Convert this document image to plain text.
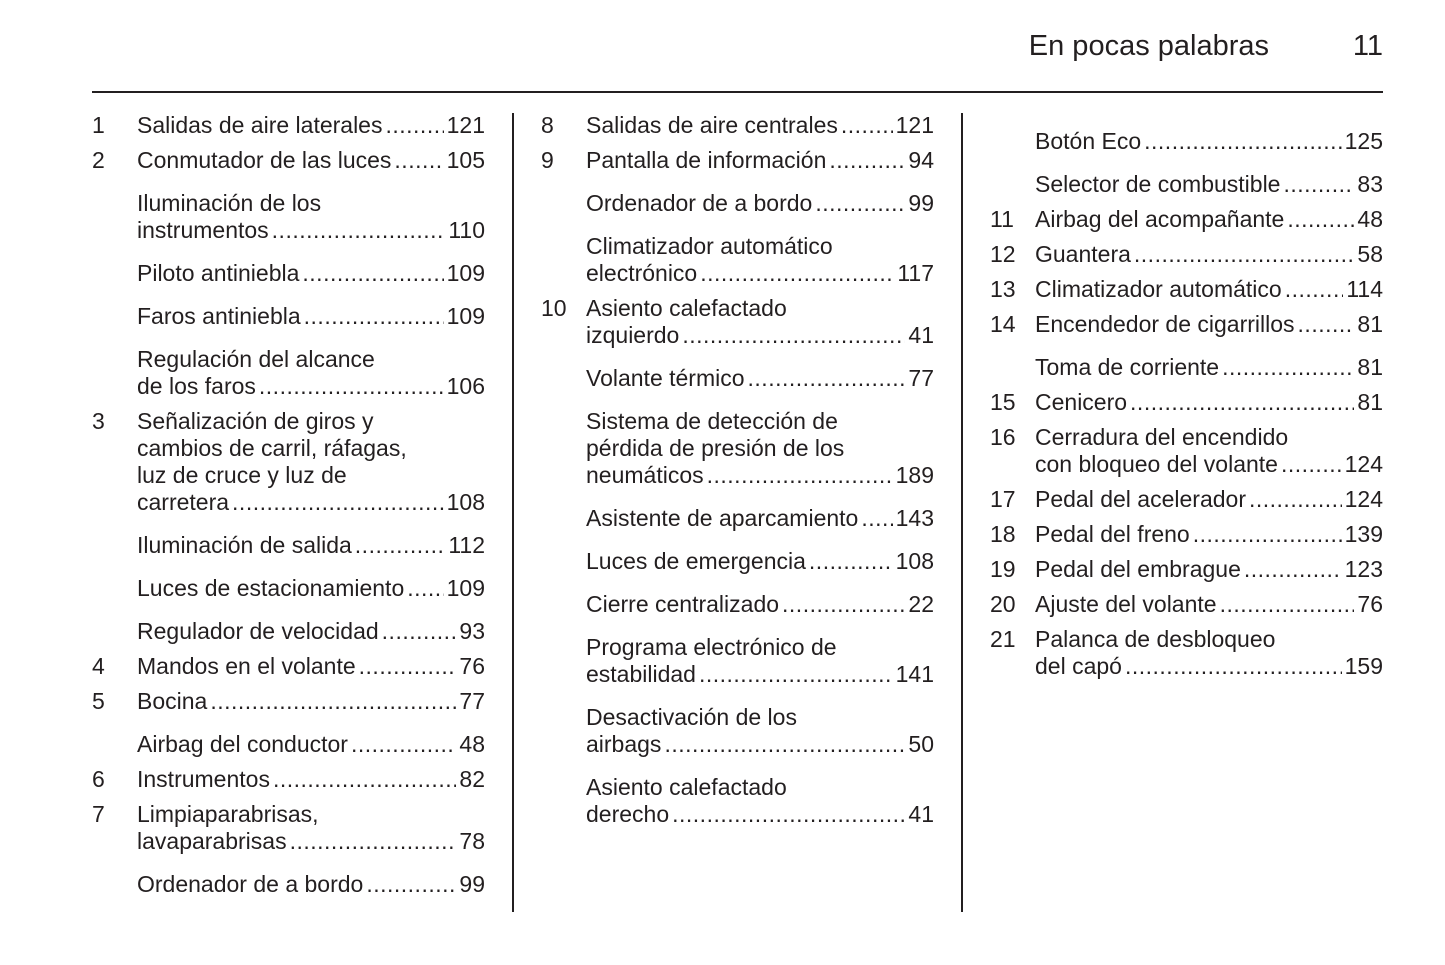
En pocas palabras	11
1	Salidas de aire laterales .....	121
2	Conmutador de las luces ..... 105
Iluminación de los
instrumentos .....	110
Piloto antiniebla .....	109
Faros antiniebla .....	109
Regulación del alcance
de los faros .....	106
3	Señalización de giros y
cambios de carril, ráfagas,
luz de cruce y luz de
carretera .....	108
Iluminación de salida .....	112
Luces de estacionamiento ..... 109
Regulador de velocidad .....	93
4	Mandos en el volante .....	76
5	Bocina .....	77
Airbag del conductor .....	48
6	Instrumentos .....	82
7	Limpiaparabrisas,
lavaparabrisas .....	78
Ordenador de a bordo .....	99
8	Salidas de aire centrales .....	121
9	Pantalla de información .....	94
Ordenador de a bordo .....	99
Climatizador automático
electrónico .....	117
10 Asiento calefactado
izquierdo .....	41
Volante térmico .....	77
Sistema de detección de
pérdida de presión de los
neumáticos .....	189
Asistente de aparcamiento ..... 143
Luces de emergencia .....	108
Cierre centralizado .....	22
Programa electrónico de
estabilidad .....	141
Desactivación de los
airbags .....	50
Asiento calefactado
derecho .....	41
Botón Eco .....	125
Selector de combustible .....	83
11 Airbag del acompañante .....	48
12 Guantera .....	58
13 Climatizador automático .....	114
14 Encendedor de cigarrillos .....	81
Toma de corriente .....	81
15 Cenicero .....	81
16 Cerradura del encendido
con bloqueo del volante .....	124
17 Pedal del acelerador .....	124
18 Pedal del freno .....	139
19 Pedal del embrague .....	123
20 Ajuste del volante .....	76
21 Palanca de desbloqueo
del capó .....	159
